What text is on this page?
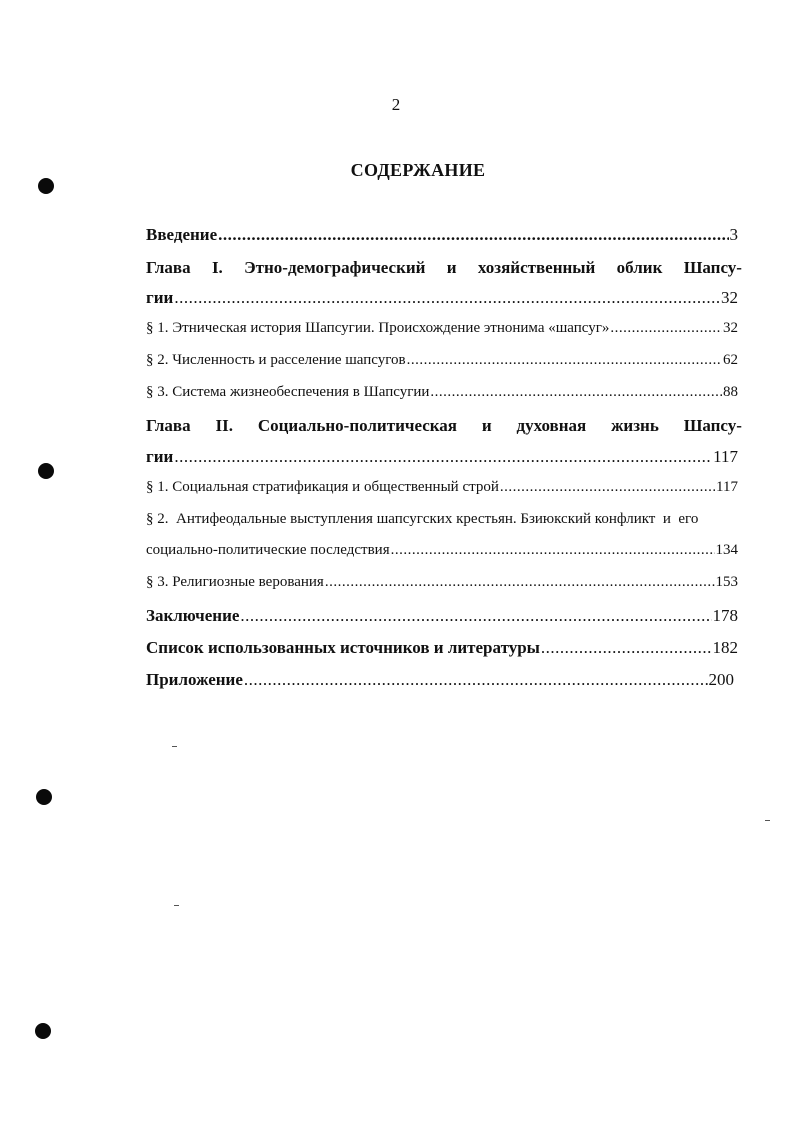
2
СОДЕРЖАНИЕ
Введение .....	3
Глава I. Этно-демографический и хозяйственный облик Шапсу-
гии .....	32
§ 1. Этническая история Шапсугии. Происхождение этнонима «шапсуг» .....	32
§ 2. Численность и расселение шапсугов .....	62
§ 3. Система жизнеобеспечения в Шапсугии .....	88
Глава II. Социально-политическая и духовная жизнь Шапсу-
гии .....	117
§ 1. Социальная стратификация и общественный строй .....	117
§ 2.  Антифеодальные выступления шапсугских крестьян. Бзиюкский конфликт  и  его
социально-политические последствия .....	134
§ 3. Религиозные верования .....	153
Заключение .....	178
Список использованных источников и литературы .....	182
Приложение .....	200
